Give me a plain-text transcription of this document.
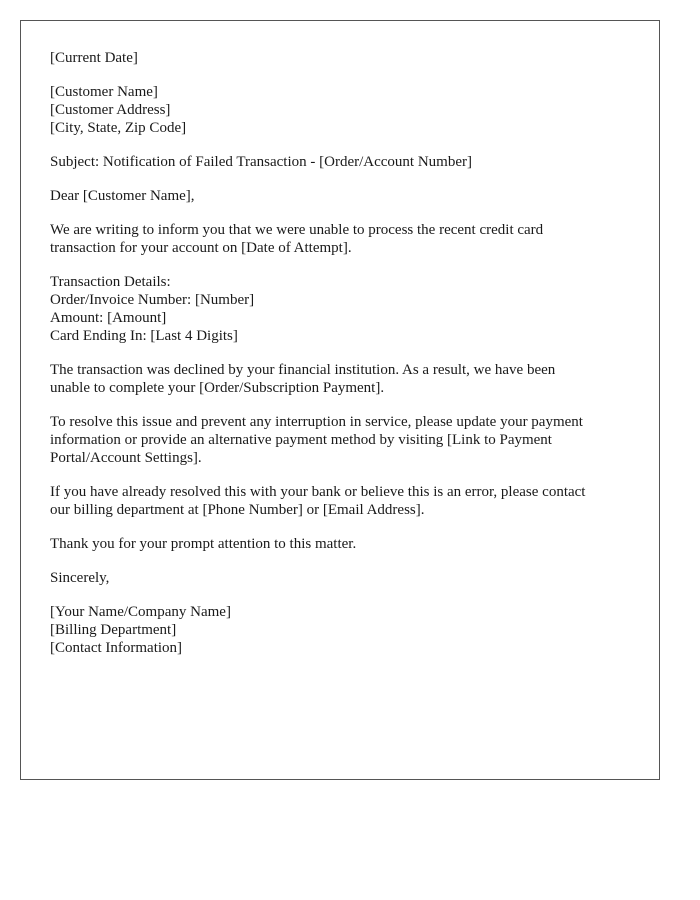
[Current Date]
[Customer Name]
[Customer Address]
[City, State, Zip Code]
Subject: Notification of Failed Transaction - [Order/Account Number]
Dear [Customer Name],
We are writing to inform you that we were unable to process the recent credit card
transaction for your account on [Date of Attempt].
Transaction Details:
Order/Invoice Number: [Number]
Amount: [Amount]
Card Ending In: [Last 4 Digits]
The transaction was declined by your financial institution. As a result, we have been
unable to complete your [Order/Subscription Payment].
To resolve this issue and prevent any interruption in service, please update your payment
information or provide an alternative payment method by visiting [Link to Payment
Portal/Account Settings].
If you have already resolved this with your bank or believe this is an error, please contact
our billing department at [Phone Number] or [Email Address].
Thank you for your prompt attention to this matter.
Sincerely,
[Your Name/Company Name]
[Billing Department]
[Contact Information]
